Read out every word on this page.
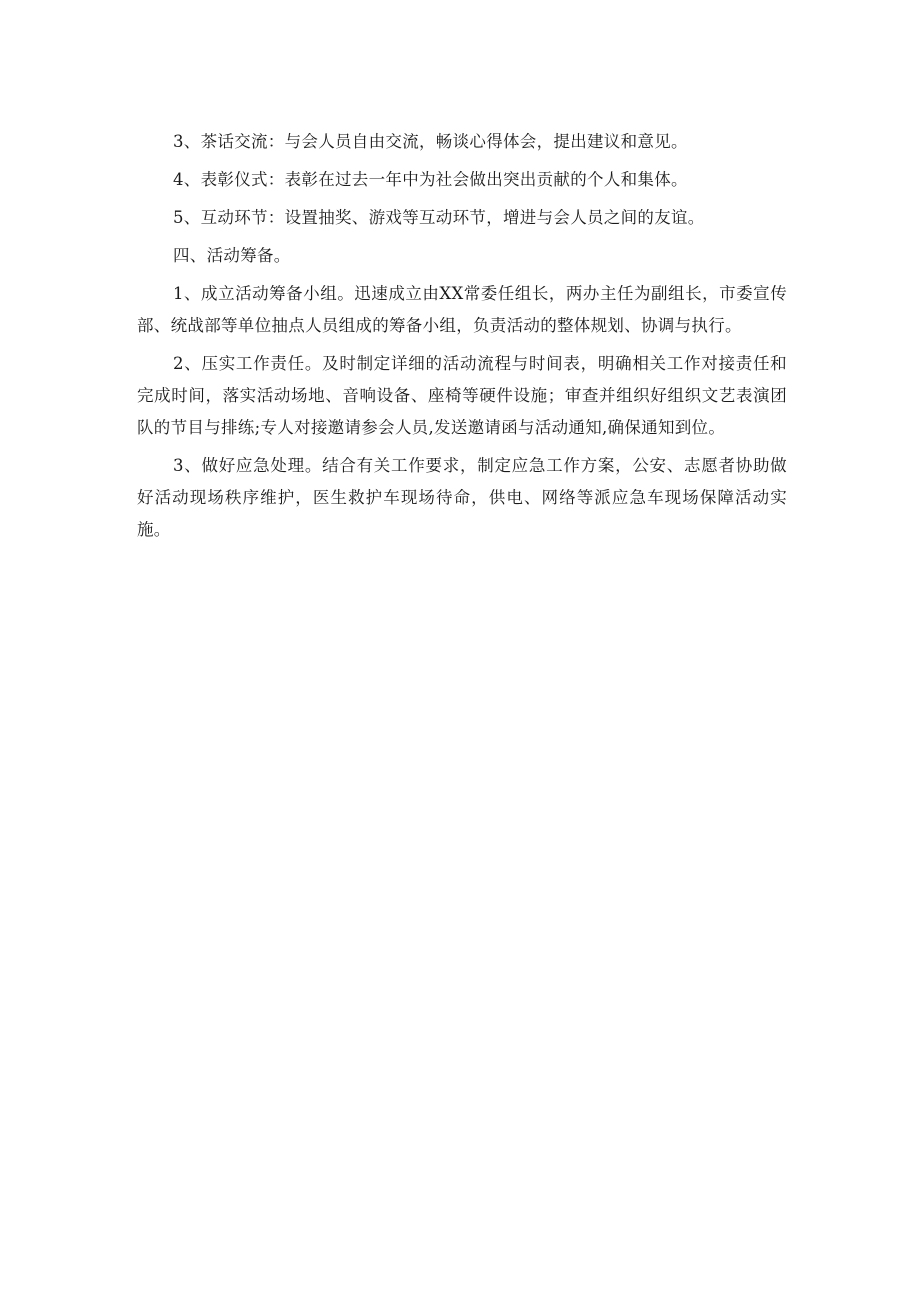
3、茶话交流：与会人员自由交流，畅谈心得体会，提出建议和意见。

4、表彰仪式：表彰在过去一年中为社会做出突出贡献的个人和集体。

5、互动环节：设置抽奖、游戏等互动环节，增进与会人员之间的友谊。

四、活动筹备。

1、成立活动筹备小组。迅速成立由XX常委任组长，两办主任为副组长，市委宣传部、统战部等单位抽点人员组成的筹备小组，负责活动的整体规划、协调与执行。

2、压实工作责任。及时制定详细的活动流程与时间表，明确相关工作对接责任和完成时间，落实活动场地、音响设备、座椅等硬件设施；审查并组织好组织文艺表演团队的节目与排练;专人对接邀请参会人员,发送邀请函与活动通知,确保通知到位。

3、做好应急处理。结合有关工作要求，制定应急工作方案，公安、志愿者协助做好活动现场秩序维护，医生救护车现场待命，供电、网络等派应急车现场保障活动实施。
